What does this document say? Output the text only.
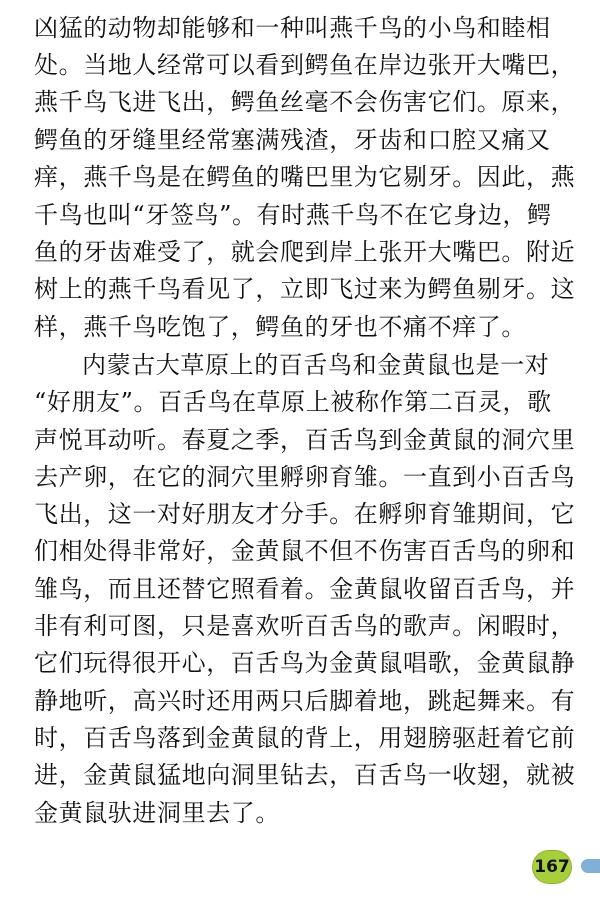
凶猛的动物却能够和一种叫燕千鸟的小鸟和睦相
处。当地人经常可以看到鳄鱼在岸边张开大嘴巴，
燕千鸟飞进飞出，鳄鱼丝毫不会伤害它们。原来，
鳄鱼的牙缝里经常塞满残渣，牙齿和口腔又痛又
痒，燕千鸟是在鳄鱼的嘴巴里为它剔牙。因此，燕
千鸟也叫“牙签鸟”。有时燕千鸟不在它身边，鳄
鱼的牙齿难受了，就会爬到岸上张开大嘴巴。附近
树上的燕千鸟看见了，立即飞过来为鳄鱼剔牙。这
样，燕千鸟吃饱了，鳄鱼的牙也不痛不痒了。
内蒙古大草原上的百舌鸟和金黄鼠也是一对
“好朋友”。百舌鸟在草原上被称作第二百灵，歌
声悦耳动听。春夏之季，百舌鸟到金黄鼠的洞穴里
去产卵，在它的洞穴里孵卵育雏。一直到小百舌鸟
飞出，这一对好朋友才分手。在孵卵育雏期间，它
们相处得非常好，金黄鼠不但不伤害百舌鸟的卵和
雏鸟，而且还替它照看着。金黄鼠收留百舌鸟，并
非有利可图，只是喜欢听百舌鸟的歌声。闲暇时，
它们玩得很开心，百舌鸟为金黄鼠唱歌，金黄鼠静
静地听，高兴时还用两只后脚着地，跳起舞来。有
时，百舌鸟落到金黄鼠的背上，用翅膀驱赶着它前
进，金黄鼠猛地向洞里钻去，百舌鸟一收翅，就被
金黄鼠驮进洞里去了。
167
